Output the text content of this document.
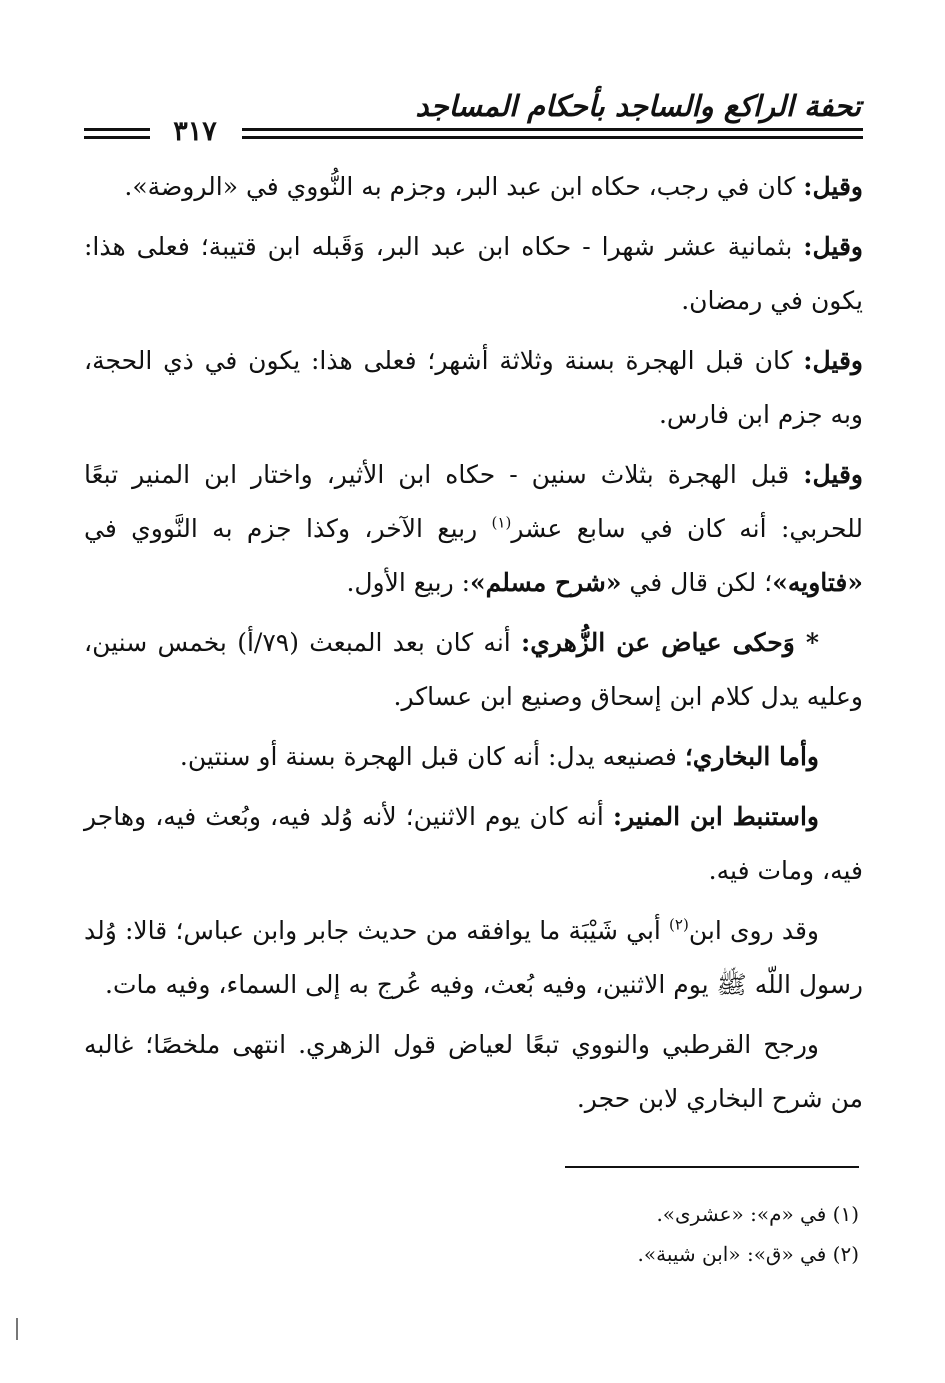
تحفة الراكع والساجد بأحكام المساجد
٣١٧

وقيل: كان في رجب، حكاه ابن عبد البر، وجزم به النُّووي في «الروضة».

وقيل: بثمانية عشر شهرا - حكاه ابن عبد البر، وَقَبله ابن قتيبة؛ فعلى هذا: يكون في رمضان.

وقيل: كان قبل الهجرة بسنة وثلاثة أشهر؛ فعلى هذا: يكون في ذي الحجة، وبه جزم ابن فارس.

وقيل: قبل الهجرة بثلاث سنين - حكاه ابن الأثير، واختار ابن المنير تبعًا للحربي: أنه كان في سابع عشر$^{(١)}$ ربيع الآخر، وكذا جزم به النَّووي في «فتاويه»؛ لكن قال في «شرح مسلم»: ربيع الأول.

* وَحكى عياض عن الزُّهري: أنه كان بعد المبعث (٧٩/أ) بخمس سنين، وعليه يدل كلام ابن إسحاق وصنيع ابن عساكر.

وأما البخاري؛ فصنيعه يدل: أنه كان قبل الهجرة بسنة أو سنتين.

واستنبط ابن المنير: أنه كان يوم الاثنين؛ لأنه وُلد فيه، وبُعث فيه، وهاجر فيه، ومات فيه.

وقد روى ابن$^{(٢)}$ أبي شَيْبَة ما يوافقه من حديث جابر وابن عباس؛ قالا: وُلد رسول اللّه ﷺ يوم الاثنين، وفيه بُعث، وفيه عُرج به إلى السماء، وفيه مات.

ورجح القرطبي والنووي تبعًا لعياض قول الزهري. انتهى ملخصًا؛ غالبه من شرح البخاري لابن حجر.

(١) في «م»: «عشرى».

(٢) في «ق»: «ابن شيبة».
